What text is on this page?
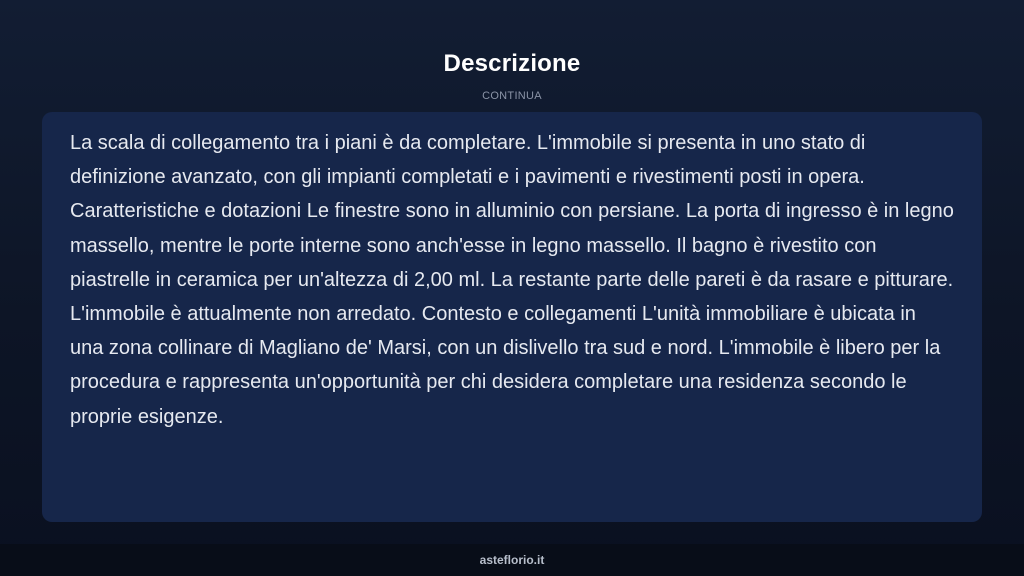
Descrizione
CONTINUA

La scala di collegamento tra i piani è da completare. L'immobile si presenta in uno stato di definizione avanzato, con gli impianti completati e i pavimenti e rivestimenti posti in opera. Caratteristiche e dotazioni Le finestre sono in alluminio con persiane. La porta di ingresso è in legno massello, mentre le porte interne sono anch'esse in legno massello. Il bagno è rivestito con piastrelle in ceramica per un'altezza di 2,00 ml. La restante parte delle pareti è da rasare e pitturare. L'immobile è attualmente non arredato. Contesto e collegamenti L'unità immobiliare è ubicata in una zona collinare di Magliano de' Marsi, con un dislivello tra sud e nord. L'immobile è libero per la procedura e rappresenta un'opportunità per chi desidera completare una residenza secondo le proprie esigenze.

asteflorio.it
